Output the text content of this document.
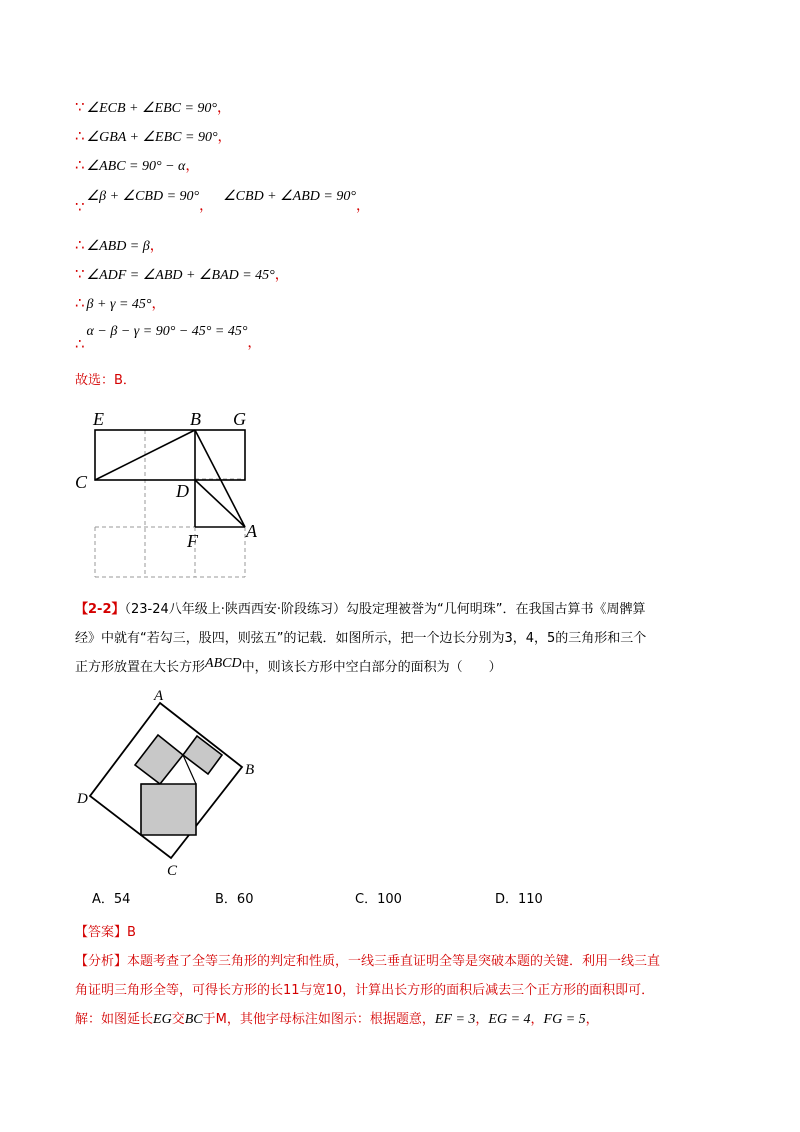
∵ ∠ECB + ∠EBC = 90°，
∴ ∠GBA + ∠EBC = 90°，
∴ ∠ABC = 90° − α，
∵∠β + ∠CBD = 90°，∠CBD + ∠ABD = 90°，
∴ ∠ABD = β，
∵ ∠ADF = ∠ABD + ∠BAD = 45°，
∴ β + γ = 45°，
∴α − β − γ = 90° − 45° = 45°，
故选：B．
E	B G
C	D
A
F
【2-2】（23-24八年级上·陕西西安·阶段练习）勾股定理被誉为“几何明珠”．在我国古算书《周髀算
经》中就有“若勾三，股四，则弦五”的记载．如图所示，把一个边长分别为3，4，5的三角形和三个
正方形放置在大长方形ABCD中，则该长方形中空白部分的面积为（　　）
A
B
C
D
A．54	B．60	C．100	D．110
【答案】B
【分析】本题考查了全等三角形的判定和性质，一线三垂直证明全等是突破本题的关键．利用一线三直
角证明三角形全等，可得长方形的长11与宽10，计算出长方形的面积后减去三个正方形的面积即可．
解：如图延长EG交BC于M，其他字母标注如图示：根据题意，EF = 3，EG = 4，FG = 5，
